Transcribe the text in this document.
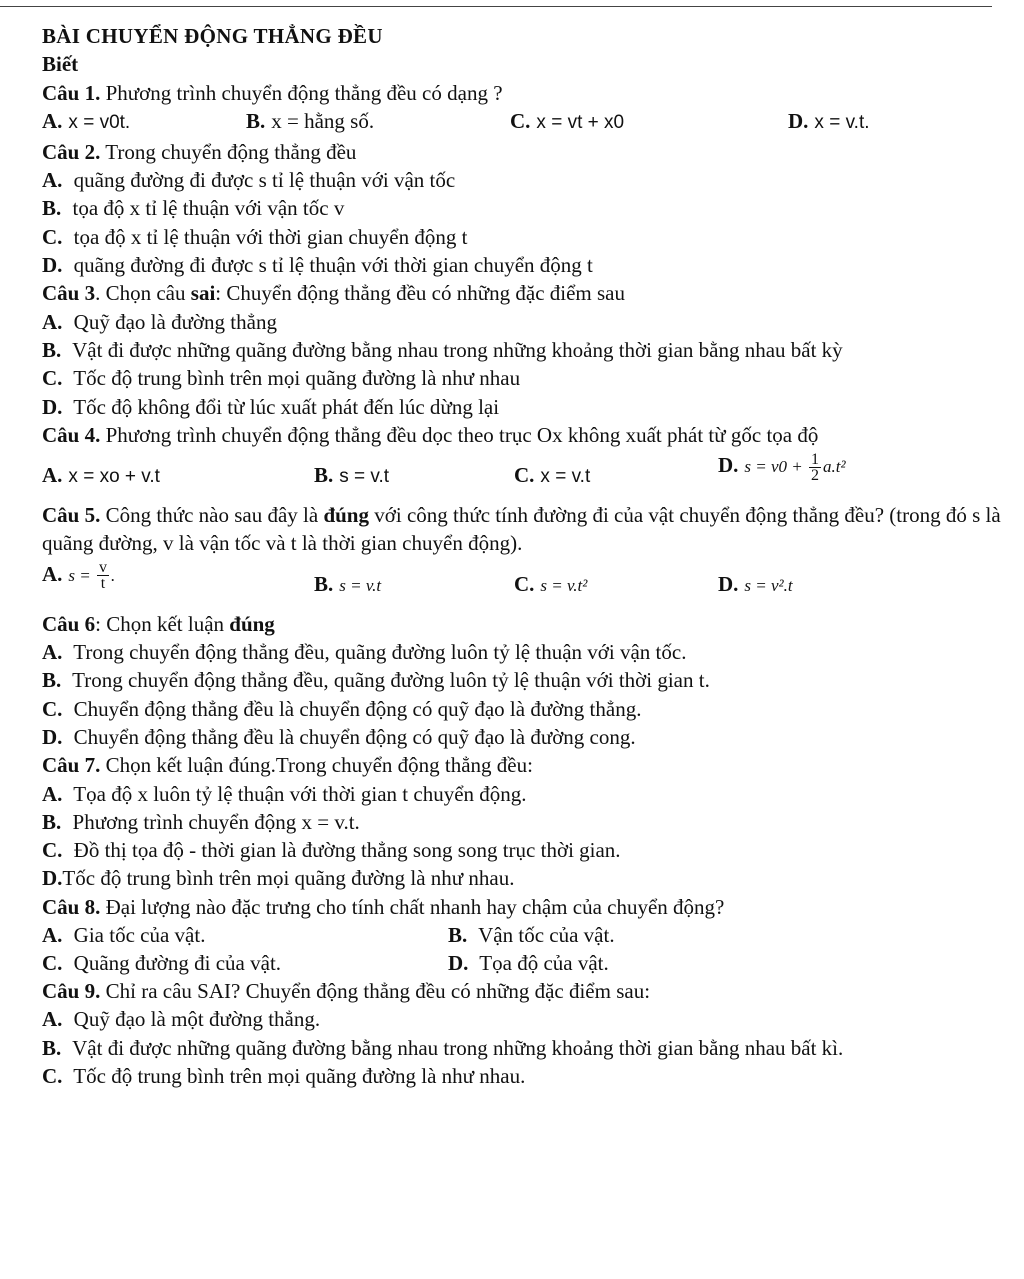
BÀI CHUYỂN ĐỘNG THẲNG ĐỀU
Biết
Câu 1. Phương trình chuyển động thẳng đều có dạng ?
A. x = v0t.	B. x = hằng số.	C. x = vt + x0	D. x = v.t.
Câu 2. Trong chuyển động thẳng đều
A. quãng đường đi được s tỉ lệ thuận với vận tốc
B. tọa độ x tỉ lệ thuận với vận tốc v
C. tọa độ x tỉ lệ thuận với thời gian chuyển động t
D. quãng đường đi được s tỉ lệ thuận với thời gian chuyển động t
Câu 3. Chọn câu sai: Chuyển động thẳng đều có những đặc điểm sau
A. Quỹ đạo là đường thẳng
B. Vật đi được những quãng đường bằng nhau trong những khoảng thời gian bằng nhau bất kỳ
C. Tốc độ trung bình trên mọi quãng đường là như nhau
D. Tốc độ không đổi từ lúc xuất phát đến lúc dừng lại
Câu 4. Phương trình chuyển động thẳng đều dọc theo trục Ox không xuất phát từ gốc tọa độ
A. x = xo + v.t	B. s = v.t	C. x = v.t	D. $s = v0 + \frac{1}{2} a.t^2$
Câu 5. Công thức nào sau đây là đúng với công thức tính đường đi của vật chuyển động thẳng đều? (trong đó s là quãng đường, v là vận tốc và t là thời gian chuyển động).
A. $s = \frac{v}{t}$ .	B. s = v.t	C. s = v.t²	D. s = v².t
Câu 6: Chọn kết luận đúng
A. Trong chuyển động thẳng đều, quãng đường luôn tỷ lệ thuận với vận tốc.
B. Trong chuyển động thẳng đều, quãng đường luôn tỷ lệ thuận với thời gian t.
C. Chuyển động thẳng đều là chuyển động có quỹ đạo là đường thẳng.
D. Chuyển động thẳng đều là chuyển động có quỹ đạo là đường cong.
Câu 7. Chọn kết luận đúng.Trong chuyển động thẳng đều:
A. Tọa độ x luôn tỷ lệ thuận với thời gian t chuyển động.
B. Phương trình chuyển động x = v.t.
C. Đồ thị tọa độ - thời gian là đường thẳng song song trục thời gian.
D.Tốc độ trung bình trên mọi quãng đường là như nhau.
Câu 8. Đại lượng nào đặc trưng cho tính chất nhanh hay chậm của chuyển động?
A. Gia tốc của vật.	B. Vận tốc của vật.
C. Quãng đường đi của vật.	D. Tọa độ của vật.
Câu 9. Chỉ ra câu SAI? Chuyển động thẳng đều có những đặc điểm sau:
A. Quỹ đạo là một đường thẳng.
B. Vật đi được những quãng đường bằng nhau trong những khoảng thời gian bằng nhau bất kì.
C. Tốc độ trung bình trên mọi quãng đường là như nhau.
